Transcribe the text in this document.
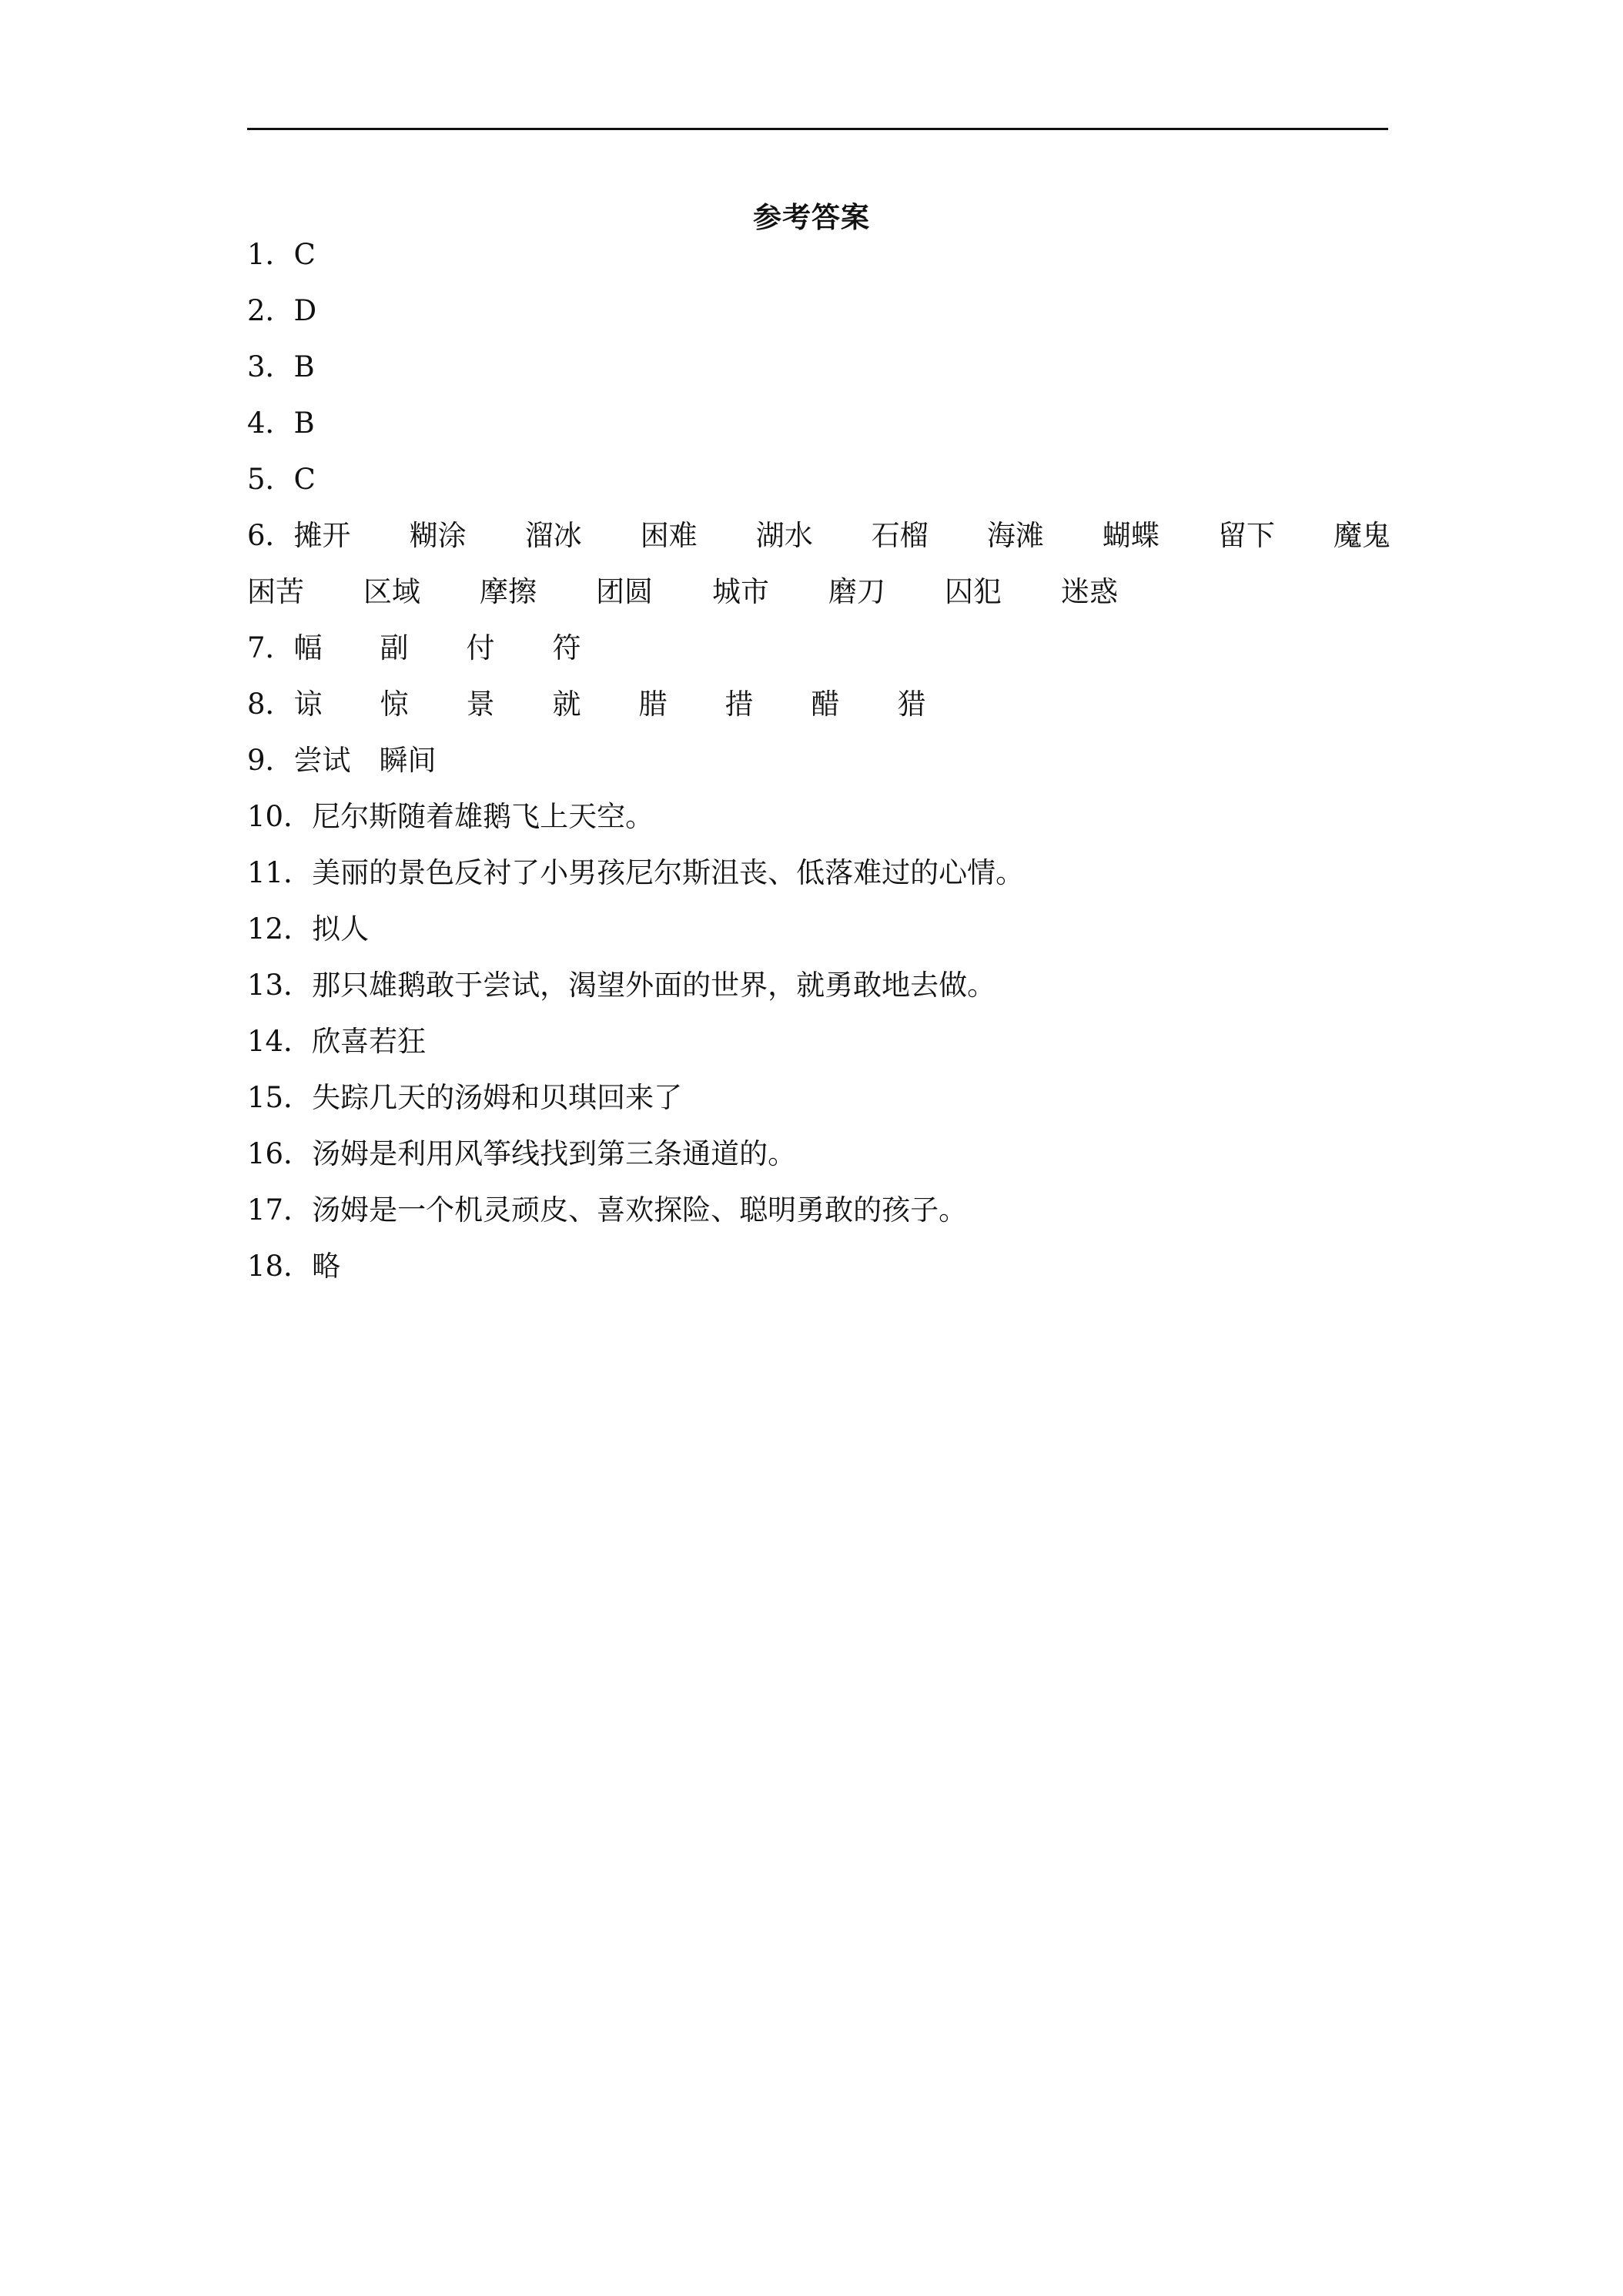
参考答案
1．C
2．D
3．B
4．B
5．C
6．摊开 糊涂 溜冰 困难 湖水 石榴 海滩 蝴蝶 留下 魔鬼
困苦 区域 摩擦 团圆 城市 磨刀 囚犯 迷惑
7．幅 副 付 符
8．谅 惊 景 就 腊 措 醋 猎
9．尝试 瞬间
10．尼尔斯随着雄鹅飞上天空。
11．美丽的景色反衬了小男孩尼尔斯沮丧、低落难过的心情。
12．拟人
13．那只雄鹅敢于尝试，渴望外面的世界，就勇敢地去做。
14．欣喜若狂
15．失踪几天的汤姆和贝琪回来了
16．汤姆是利用风筝线找到第三条通道的。
17．汤姆是一个机灵顽皮、喜欢探险、聪明勇敢的孩子。
18．略
